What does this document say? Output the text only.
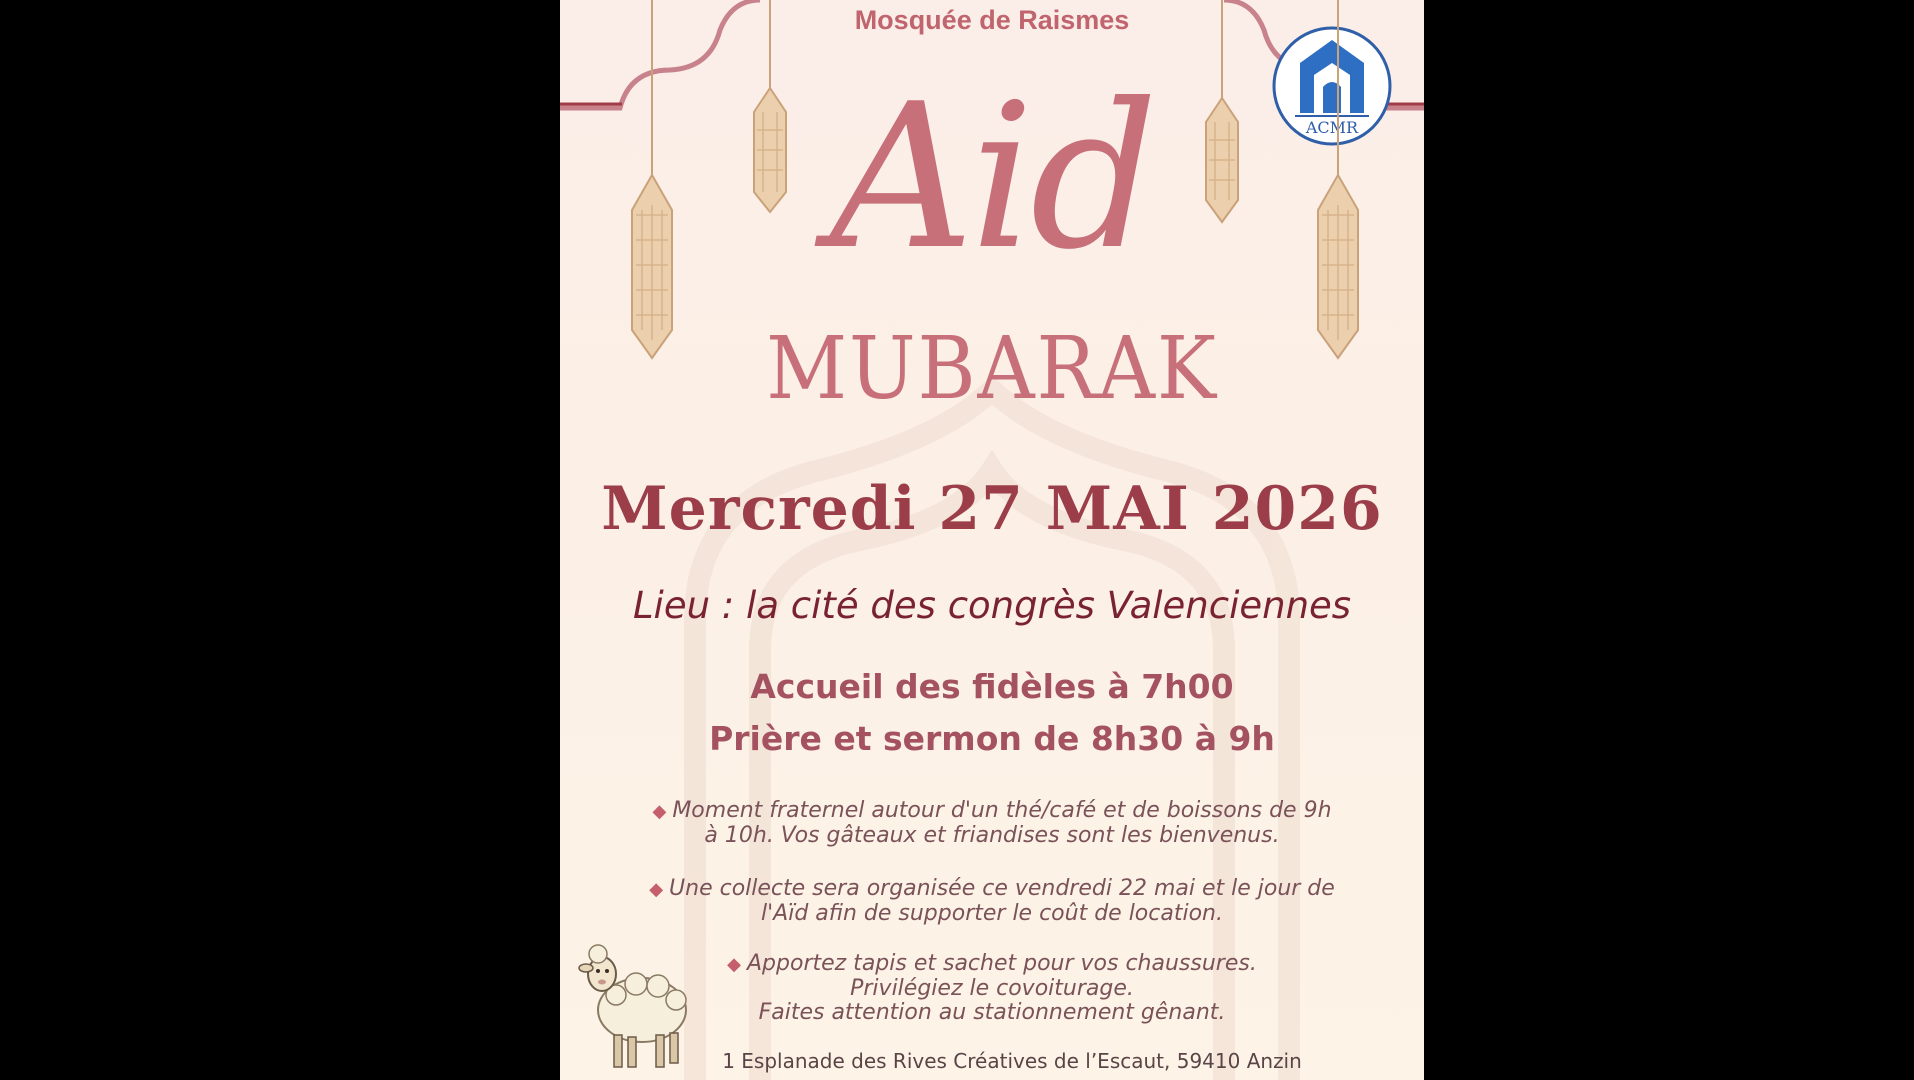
Mosquée de Raismes
ACMR
Aid
MUBARAK
Mercredi 27 MAI 2026
Lieu : la cité des congrès Valenciennes
Accueil des fidèles à 7h00
Prière et sermon de 8h30 à 9h
◆ Moment fraternel autour d'un thé/café et de boissons de 9h
à 10h. Vos gâteaux et friandises sont les bienvenus.
◆ Une collecte sera organisée ce vendredi 22 mai et le jour de
l'Aïd afin de supporter le coût de location.
◆ Apportez tapis et sachet pour vos chaussures.
Privilégiez le covoiturage.
Faites attention au stationnement gênant.
1 Esplanade des Rives Créatives de l’Escaut, 59410 Anzin
